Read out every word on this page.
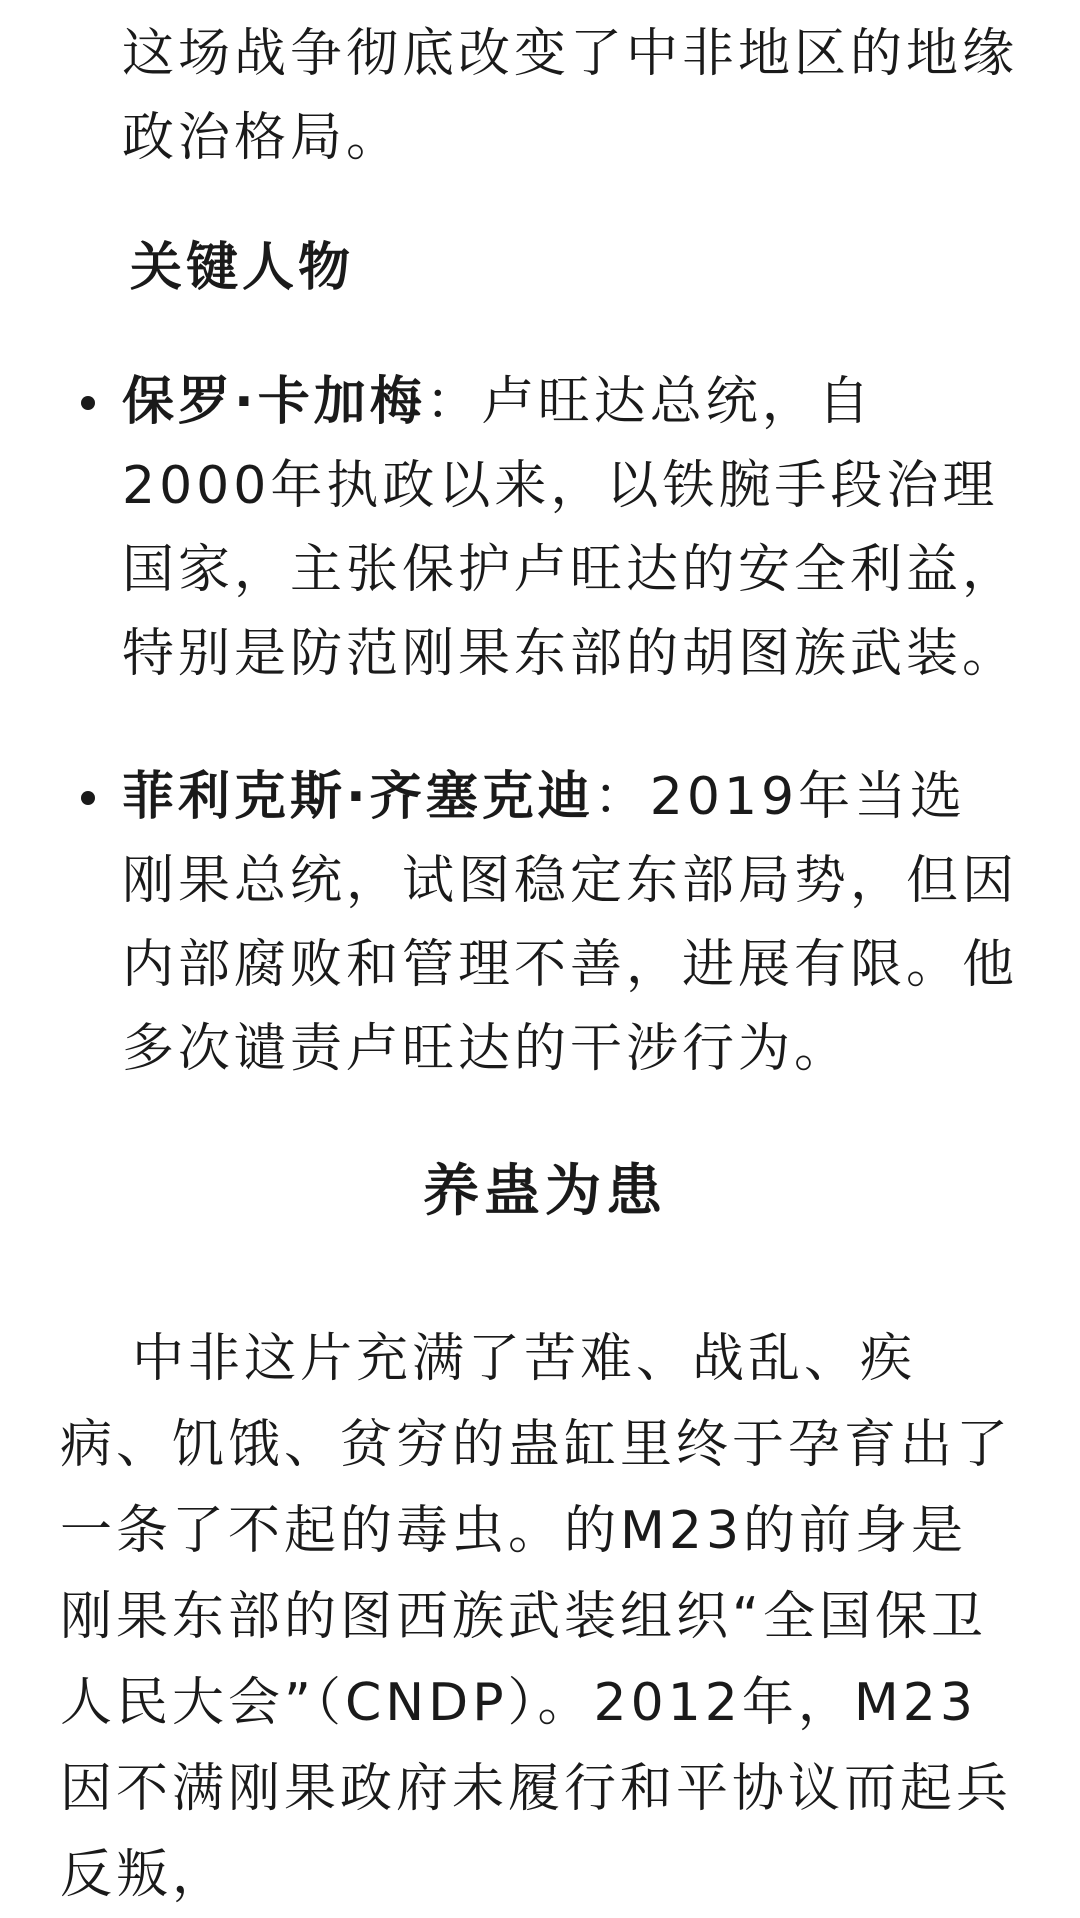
这场战争彻底改变了中非地区的地缘政治格局。

关键人物
保罗·卡加梅：卢旺达总统，自2000年执政以来，以铁腕手段治理国家，主张保护卢旺达的安全利益，特别是防范刚果东部的胡图族武装。
菲利克斯·齐塞克迪：2019年当选刚果总统，试图稳定东部局势，但因内部腐败和管理不善，进展有限。他多次谴责卢旺达的干涉行为。
养蛊为患

中非这片充满了苦难、战乱、疾病、饥饿、贫穷的蛊缸里终于孕育出了一条了不起的毒虫。的M23的前身是刚果东部的图西族武装组织“全国保卫人民大会”（CNDP）。2012年，M23因不满刚果政府未履行和平协议而起兵反叛，
